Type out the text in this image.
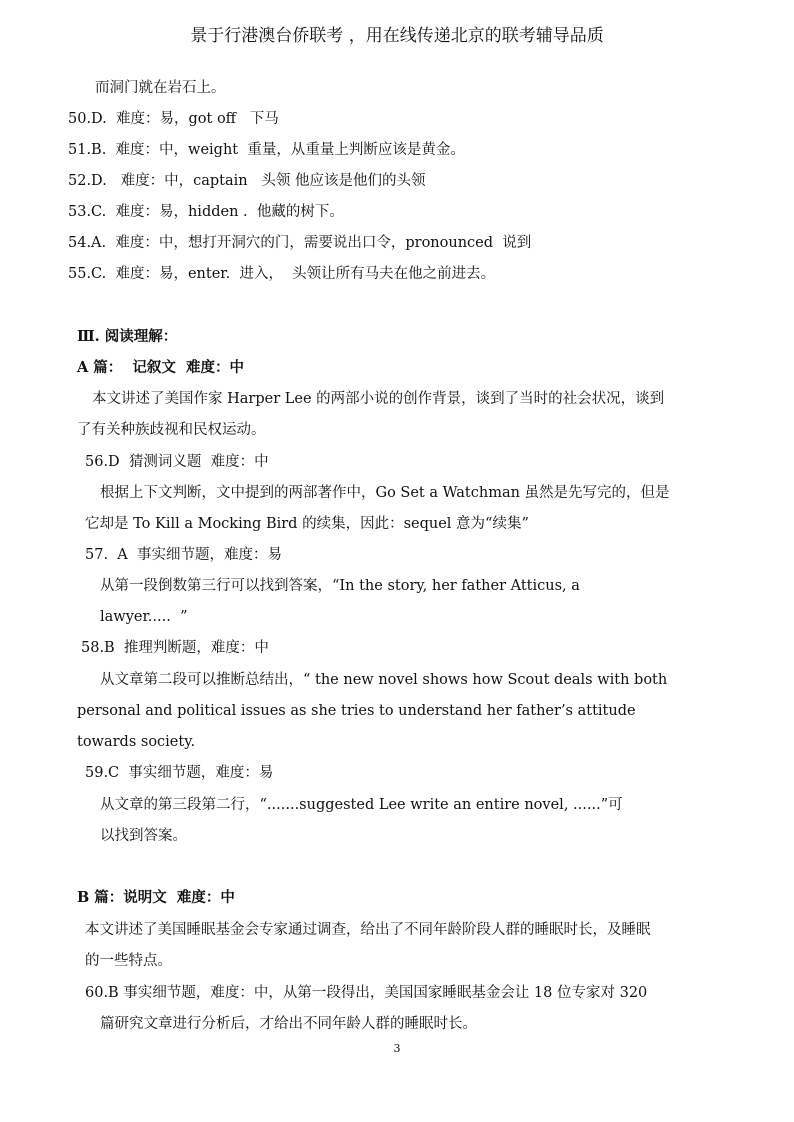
景于行港澳台侨联考 ，用在线传递北京的联考辅导品质
而洞门就在岩石上。
50.D.  难度：易，got off   下马
51.B.  难度：中，weight  重量，从重量上判断应该是黄金。
52.D.   难度：中，captain   头领 他应该是他们的头领
53.C.  难度：易，hidden .  他藏的树下。
54.A.  难度：中，想打开洞穴的门，需要说出口令，pronounced  说到
55.C.  难度：易，enter.  进入，  头领让所有马夫在他之前进去。
Ⅲ. 阅读理解：
A 篇：  记叙文  难度：中
本文讲述了美国作家 Harper Lee 的两部小说的创作背景，谈到了当时的社会状况，谈到
了有关种族歧视和民权运动。
56.D  猜测词义题  难度：中
根据上下文判断，文中提到的两部著作中，Go Set a Watchman 虽然是先写完的，但是
它却是 To Kill a Mocking Bird 的续集，因此：sequel 意为“续集”
57.  A  事实细节题，难度：易
从第一段倒数第三行可以找到答案，“In the story, her father Atticus, a
lawyer.....  ”
58.B  推理判断题，难度：中
从文章第二段可以推断总结出，“ the new novel shows how Scout deals with both
personal and political issues as she tries to understand her father’s attitude
towards society.
59.C  事实细节题，难度：易
从文章的第三段第二行，“.......suggested Lee write an entire novel, ......”可
以找到答案。
B 篇：说明文  难度：中
本文讲述了美国睡眠基金会专家通过调查，给出了不同年龄阶段人群的睡眠时长，及睡眠
的一些特点。
60.B 事实细节题，难度：中，从第一段得出，美国国家睡眠基金会让 18 位专家对 320
篇研究文章进行分析后，才给出不同年龄人群的睡眠时长。
3
